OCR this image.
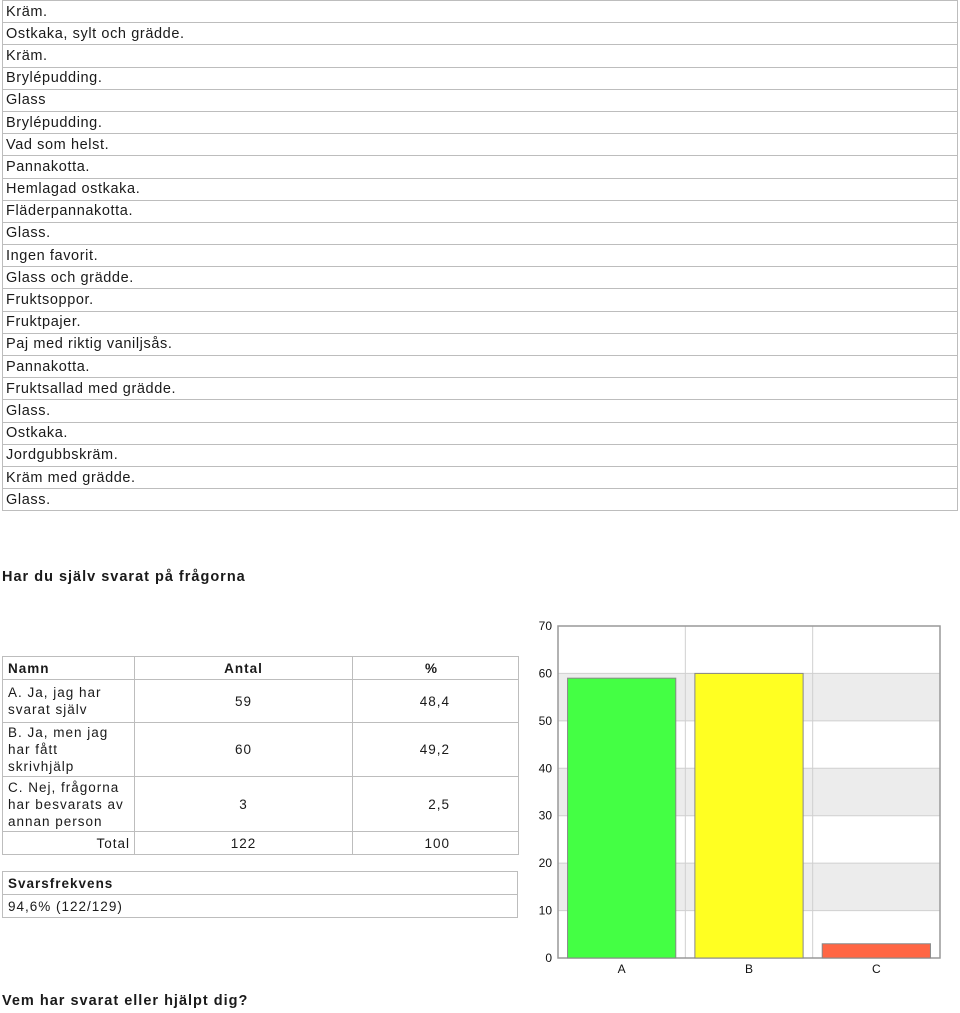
Kräm.
Ostkaka, sylt och grädde.
Kräm.
Brylépudding.
Glass
Brylépudding.
Vad som helst.
Pannakotta.
Hemlagad ostkaka.
Fläderpannakotta.
Glass.
Ingen favorit.
Glass och grädde.
Fruktsoppor.
Fruktpajer.
Paj med riktig vaniljsås.
Pannakotta.
Fruktsallad med grädde.
Glass.
Ostkaka.
Jordgubbskräm.
Kräm med grädde.
Glass.
Har du själv svarat på frågorna
Namn	Antal	%
A. Ja, jag har svarat själv	59	48,4
B. Ja, men jag har fått skrivhjälp	60	49,2
C. Nej, frågorna har besvarats av annan person	3	2,5
Total	122	100
Svarsfrekvens
94,6% (122/129)
0
10
20
30
40
50
60
70
A	B	C
Vem har svarat eller hjälpt dig?
